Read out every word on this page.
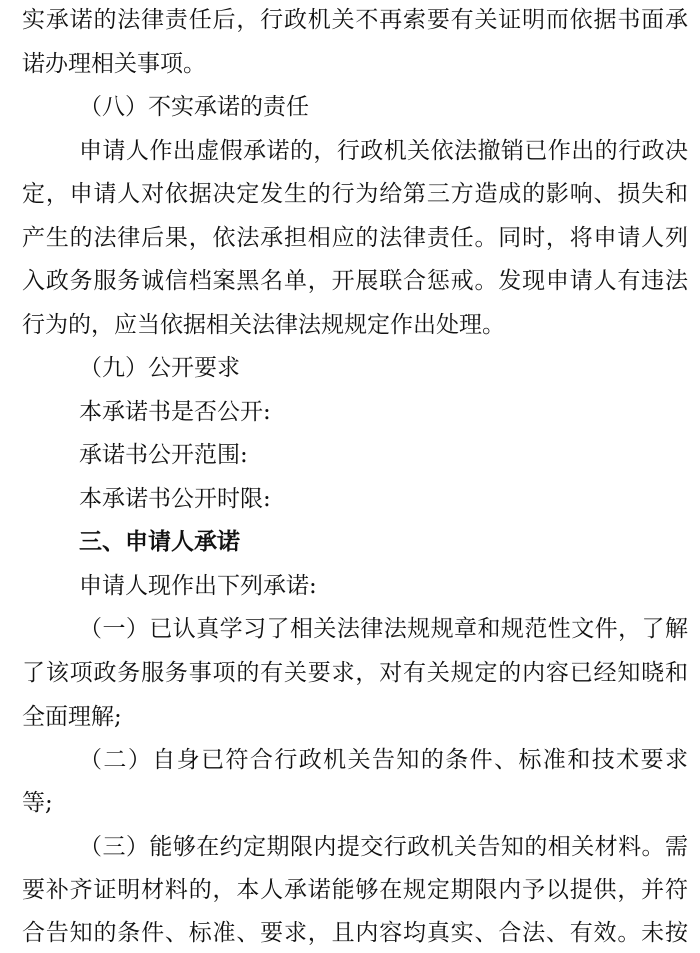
实承诺的法律责任后，行政机关不再索要有关证明而依据书面承
诺办理相关事项。
（八）不实承诺的责任
申请人作出虚假承诺的，行政机关依法撤销已作出的行政决
定，申请人对依据决定发生的行为给第三方造成的影响、损失和
产生的法律后果，依法承担相应的法律责任。同时，将申请人列
入政务服务诚信档案黑名单，开展联合惩戒。发现申请人有违法
行为的，应当依据相关法律法规规定作出处理。
（九）公开要求
本承诺书是否公开:
承诺书公开范围:
本承诺书公开时限:
三、申请人承诺
申请人现作出下列承诺:
（一）已认真学习了相关法律法规规章和规范性文件，了解
了该项政务服务事项的有关要求，对有关规定的内容已经知晓和
全面理解;
（二）自身已符合行政机关告知的条件、标准和技术要求
等;
（三）能够在约定期限内提交行政机关告知的相关材料。需
要补齐证明材料的，本人承诺能够在规定期限内予以提供，并符
合告知的条件、标准、要求，且内容均真实、合法、有效。未按
